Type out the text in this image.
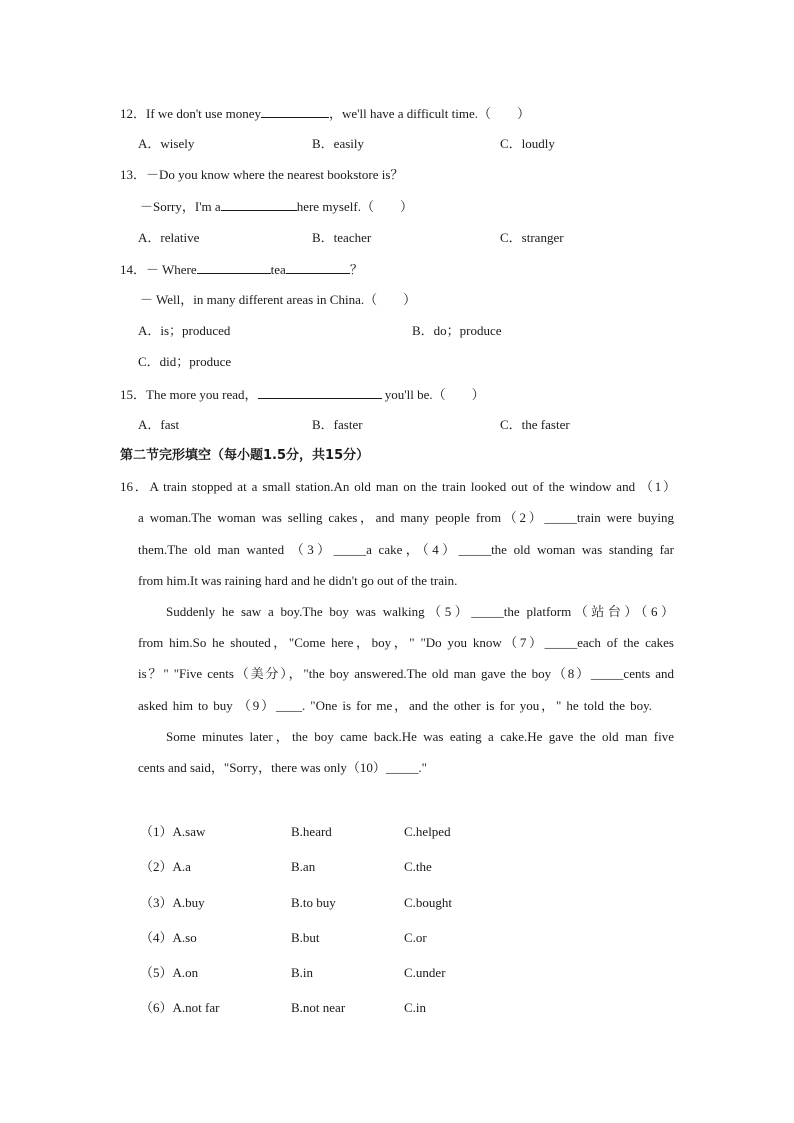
12．If we don't use money	，we'll have a difficult time.（　　）
A．wisely	B．easily	C．loudly
13．－Do you know where the nearest bookstore is？
－Sorry，I'm a	here myself.（　　）
A．relative	B．teacher	C．stranger
14．－ Where	tea	？
－ Well，in many different areas in China.（　　）
A．is；produced	B．do；produce
C．did；produce
15．The more you read，	you'll be.（　　）
A．fast	B．faster	C．the faster
第二节完形填空（每小题1.5分，共15分）
16．A train stopped at a small station.An old man on the train looked out of the window and （1）
a woman.The woman was selling cakes，and many people from（2）_____train were buying
them.The old man wanted （3）_____a cake，（4）_____the old woman was standing far
from him.It was raining hard and he didn't go out of the train.
Suddenly he saw a boy.The boy was walking（5）_____the platform（站台）（6）
from him.So he shouted，"Come here，boy，" "Do you know（7）_____each of the cakes
is？" "Five cents（美分），"the boy answered.The old man gave the boy（8）_____cents and
asked him to buy （9）____. "One is for me，and the other is for you，" he told the boy.
Some minutes later，the boy came back.He was eating a cake.He gave the old man five
cents and said，"Sorry，there was only（10）_____."
（1）A.saw	B.heard	C.helped
（2）A.a	B.an	C.the
（3）A.buy	B.to buy	C.bought
（4）A.so	B.but	C.or
（5）A.on	B.in	C.under
（6）A.not far	B.not near	C.in
